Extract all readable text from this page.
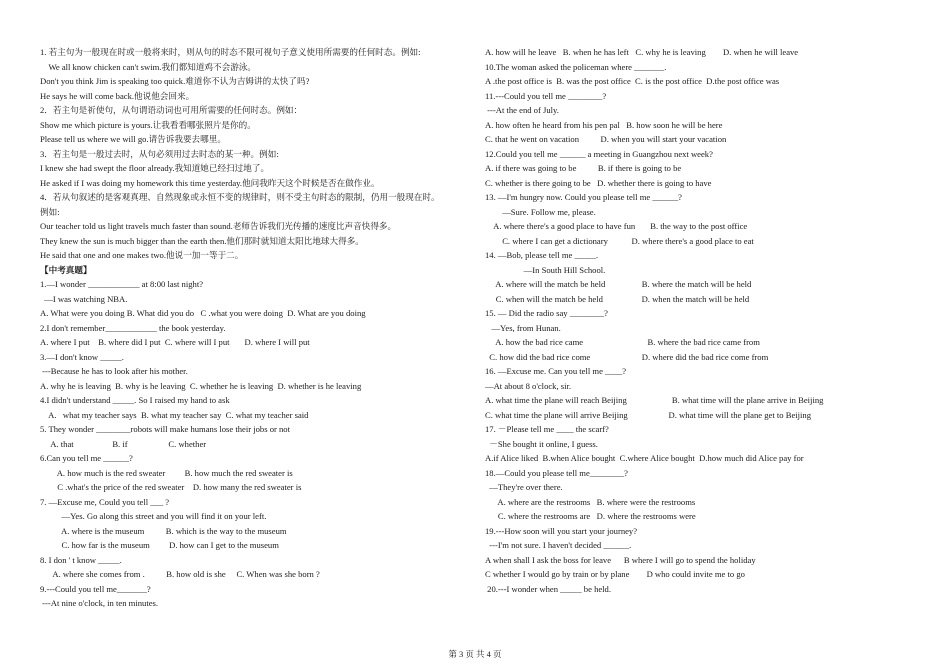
1. 若主句为一般现在时或一般将来时，则从句的时态不限可视句子意义使用所需要的任何时态。例如:
We all know chicken can't swim.我们都知道鸡不会游泳。
Don't you think Jim is speaking too quick.难道你不认为吉姆讲的太快了吗?
He says he will come back.他说他会回来。
2．若主句是祈使句，从句谓语动词也可用所需要的任何时态。例如：
Show me which picture is yours.让我看看哪张照片是你的。
Please tell us where we will go.请告诉我要去哪里。
3．若主句是一般过去时，从句必须用过去时态的某一种。例如:
I knew she had swept the floor already.我知道她已经扫过地了。
He asked if I was doing my homework this time yesterday.他问我昨天这个时候是否在做作业。
4．若从句叙述的是客观真理、自然现象或永恒不变的规律时，则不受主句时态的限制，仍用一般现在时。
例如:
Our teacher told us light travels much faster than sound.老师告诉我们光传播的速度比声音快得多。
They knew the sun is much bigger than the earth then.他们那时就知道太阳比地球大得多。
He said that one and one makes two.他说一加一等于二。
【中考真题】
1.—I wonder ____________ at 8:00 last night?
—I was watching NBA.
A. What were you doing B. What did you do   C .what you were doing  D. What are you doing
2.I don't remember____________ the book yesterday.
A. where I put    B. where did I put  C. where will I put       D. where I will put
3.—I don't know _____.
---Because he has to look after his mother.
A. why he is leaving  B. why is he leaving  C. whether he is leaving  D. whether is he leaving
4.I didn't understand _____. So I raised my hand to ask
A.   what my teacher says  B. what my teacher say  C. what my teacher said
5. They wonder ________robots will make humans lose their jobs or not
A. that                  B. if                   C. whether
6.Can you tell me ______?
A. how much is the red sweater         B. how much the red sweater is
C .what's the price of the red sweater    D. how many the red sweater is
7. —Excuse me, Could you tell ___ ?
—Yes. Go along this street and you will find it on your left.
A. where is the museum          B. which is the way to the museum
C. how far is the museum         D. how can I get to the museum
8. I don ' t know _____.
A. where she comes from .          B. how old is she     C. When was she born ?
9.---Could you tell me_______?
---At nine o'clock, in ten minutes.
A. how will he leave   B. when he has left   C. why he is leaving        D. when he will leave
10.The woman asked the policeman where _______.
A .the post office is  B. was the post office  C. is the post office  D.the post office was
11.---Could you tell me ________?
---At the end of July.
A. how often he heard from his pen pal   B. how soon he will be here
C. that he went on vacation          D. when you will start your vacation
12.Could you tell me ______ a meeting in Guangzhou next week?
A. if there was going to be          B. if there is going to be
C. whether is there going to be   D. whether there is going to have
13. —I'm hungry now. Could you please tell me ______?
—Sure. Follow me, please.
A. where there's a good place to have fun       B. the way to the post office
C. where I can get a dictionary           D. where there's a good place to eat
14. —Bob, please tell me _____.
—In South Hill School.
A. where will the match be held                 B. where the match will be held
C. when will the match be held                  D. when the match will be held
15. — Did the radio say ________?
—Yes, from Hunan.
A. how the bad rice came                              B. where the bad rice came from
C. how did the bad rice come                        D. where did the bad rice come from
16. —Excuse me. Can you tell me ____?
—At about 8 o'clock, sir.
A. what time the plane will reach Beijing                     B. what time will the plane arrive in Beijing
C. what time the plane will arrive Beijing                   D. what time will the plane get to Beijing
17. －Please tell me ____ the scarf?
－She bought it online, I guess.
A.if Alice liked  B.when Alice bought  C.where Alice bought  D.how much did Alice pay for
18.—Could you please tell me________?
—They're over there.
A. where are the restrooms   B. where were the restrooms
C. where the restrooms are   D. where the restrooms were
19.---How soon will you start your journey?
---I'm not sure. I haven't decided ______.
A when shall I ask the boss for leave      B where I will go to spend the holiday
C whether I would go by train or by plane        D who could invite me to go
20.---I wonder when _____ be held.
第 3 页 共 4 页
